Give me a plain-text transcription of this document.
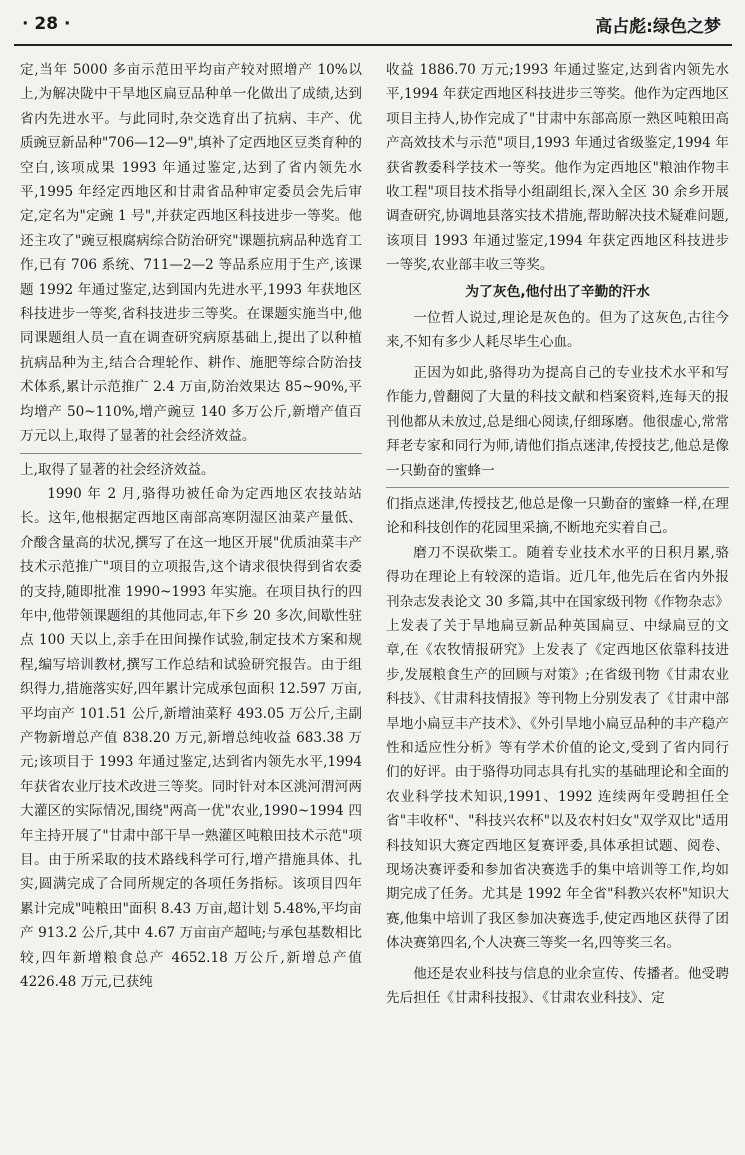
· 28 ·	高占彪:绿色之梦

定,当年 5000 多亩示范田平均亩产较对照增产 10%以上,为解决陇中干旱地区扁豆品种单一化做出了成绩,达到省内先进水平。与此同时,杂交选育出了抗病、丰产、优质豌豆新品种"706—12—9",填补了定西地区豆类育种的空白,该项成果 1993 年通过鉴定,达到了省内领先水平,1995 年经定西地区和甘肃省品种审定委员会先后审定,定名为"定豌 1 号",并获定西地区科技进步一等奖。他还主攻了"豌豆根腐病综合防治研究"课题抗病品种选育工作,已有 706 系统、711—2—2 等品系应用于生产,该课题 1992 年通过鉴定,达到国内先进水平,1993 年获地区科技进步一等奖,省科技进步三等奖。在课题实施当中,他同课题组人员一直在调查研究病原基础上,提出了以种植抗病品种为主,结合合理轮作、耕作、施肥等综合防治技术体系,累计示范推广 2.4 万亩,防治效果达 85~90%,平均增产 50~110%,增产豌豆 140 多万公斤,新增产值百万元以上,取得了显著的社会经济效益。

上,取得了显著的社会经济效益。

1990 年 2 月,骆得功被任命为定西地区农技站站长。这年,他根据定西地区南部高寒阴湿区油菜产量低、介酸含量高的状况,撰写了在这一地区开展"优质油菜丰产技术示范推广"项目的立项报告,这个请求很快得到省农委的支持,随即批准 1990~1993 年实施。在项目执行的四年中,他带领课题组的其他同志,年下乡 20 多次,间歇性驻点 100 天以上,亲手在田间操作试验,制定技术方案和规程,编写培训教材,撰写工作总结和试验研究报告。由于组织得力,措施落实好,四年累计完成承包面积 12.597 万亩,平均亩产 101.51 公斤,新增油菜籽 493.05 万公斤,主副产物新增总产值 838.20 万元,新增总纯收益 683.38 万元;该项目于 1993 年通过鉴定,达到省内领先水平,1994 年获省农业厅技术改进三等奖。同时针对本区洮河渭河两大灌区的实际情况,围绕"两高一优"农业,1990~1994 四年主持开展了"甘肃中部干旱一熟灌区吨粮田技术示范"项目。由于所采取的技术路线科学可行,增产措施具体、扎实,圆满完成了合同所规定的各项任务指标。该项目四年累计完成"吨粮田"面积 8.43 万亩,超计划 5.48%,平均亩产 913.2 公斤,其中 4.67 万亩亩产超吨;与承包基数相比较,四年新增粮食总产 4652.18 万公斤,新增总产值 4226.48 万元,已获纯

收益 1886.70 万元;1993 年通过鉴定,达到省内领先水平,1994 年获定西地区科技进步三等奖。他作为定西地区项目主持人,协作完成了"甘肃中东部高原一熟区吨粮田高产高效技术与示范"项目,1993 年通过省级鉴定,1994 年获省教委科学技术一等奖。他作为定西地区"粮油作物丰收工程"项目技术指导小组副组长,深入全区 30 余乡开展调查研究,协调地县落实技术措施,帮助解决技术疑难问题,该项目 1993 年通过鉴定,1994 年获定西地区科技进步一等奖,农业部丰收三等奖。

为了灰色,他付出了辛勤的汗水

一位哲人说过,理论是灰色的。但为了这灰色,古往今来,不知有多少人耗尽毕生心血。

正因为如此,骆得功为提高自己的专业技术水平和写作能力,曾翻阅了大量的科技文献和档案资料,连每天的报刊他都从未放过,总是细心阅读,仔细琢磨。他很虚心,常常拜老专家和同行为师,请他们指点迷津,传授技艺,他总是像一只勤奋的蜜蜂一

们指点迷津,传授技艺,他总是像一只勤奋的蜜蜂一样,在理论和科技创作的花园里采摘,不断地充实着自己。

磨刀不误砍柴工。随着专业技术水平的日积月累,骆得功在理论上有较深的造诣。近几年,他先后在省内外报刊杂志发表论文 30 多篇,其中在国家级刊物《作物杂志》上发表了关于旱地扁豆新品种英国扁豆、中绿扁豆的文章,在《农牧情报研究》上发表了《定西地区依靠科技进步,发展粮食生产的回顾与对策》;在省级刊物《甘肃农业科技》、《甘肃科技情报》等刊物上分别发表了《甘肃中部旱地小扁豆丰产技术》、《外引旱地小扁豆品种的丰产稳产性和适应性分析》等有学术价值的论文,受到了省内同行们的好评。由于骆得功同志具有扎实的基础理论和全面的农业科学技术知识,1991、1992 连续两年受聘担任全省"丰收杯"、"科技兴农杯"以及农村妇女"双学双比"适用科技知识大赛定西地区复赛评委,具体承担试题、阅卷、现场决赛评委和参加省决赛选手的集中培训等工作,均如期完成了任务。尤其是 1992 年全省"科教兴农杯"知识大赛,他集中培训了我区参加决赛选手,使定西地区获得了团体决赛第四名,个人决赛三等奖一名,四等奖三名。

他还是农业科技与信息的业余宣传、传播者。他受聘先后担任《甘肃科技报》、《甘肃农业科技》、定
